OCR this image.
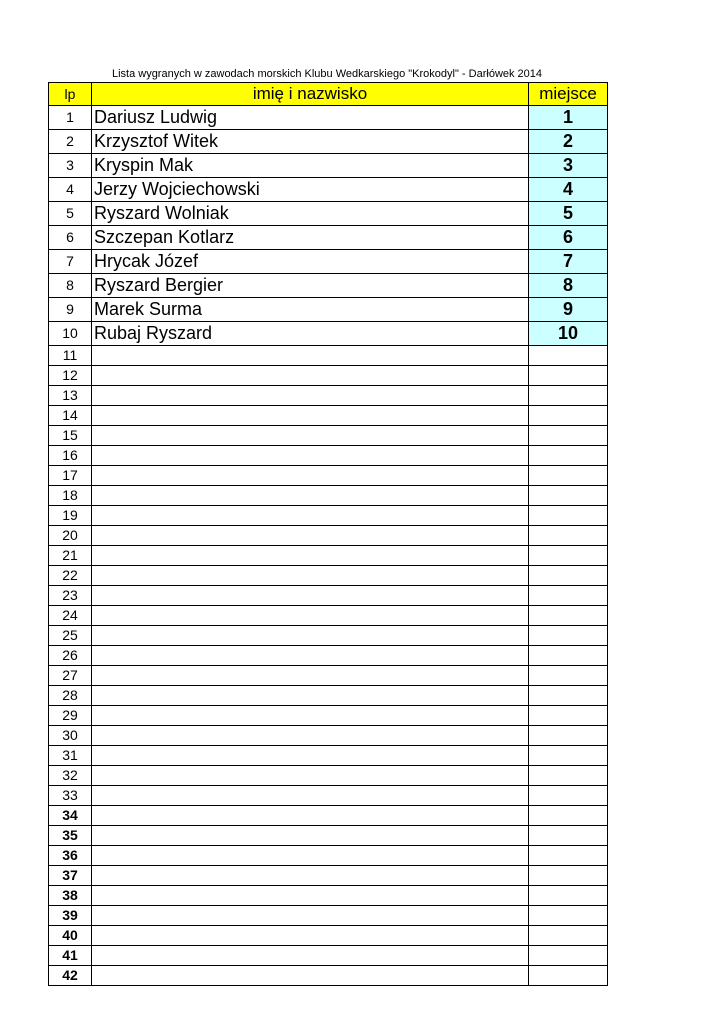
Lista wygranych w zawodach morskich Klubu Wedkarskiego "Krokodyl" - Darłówek 2014
lp	imię i nazwisko	miejsce
1	Dariusz Ludwig	1
2	Krzysztof Witek	2
3	Kryspin Mak	3
4	Jerzy Wojciechowski	4
5	Ryszard Wolniak	5
6	Szczepan Kotlarz	6
7	Hrycak Józef	7
8	Ryszard Bergier	8
9	Marek Surma	9
10	Rubaj Ryszard	10
11		
12		
13		
14		
15		
16		
17		
18		
19		
20		
21		
22		
23		
24		
25		
26		
27		
28		
29		
30		
31		
32		
33		
34		
35		
36		
37		
38		
39		
40		
41		
42		
